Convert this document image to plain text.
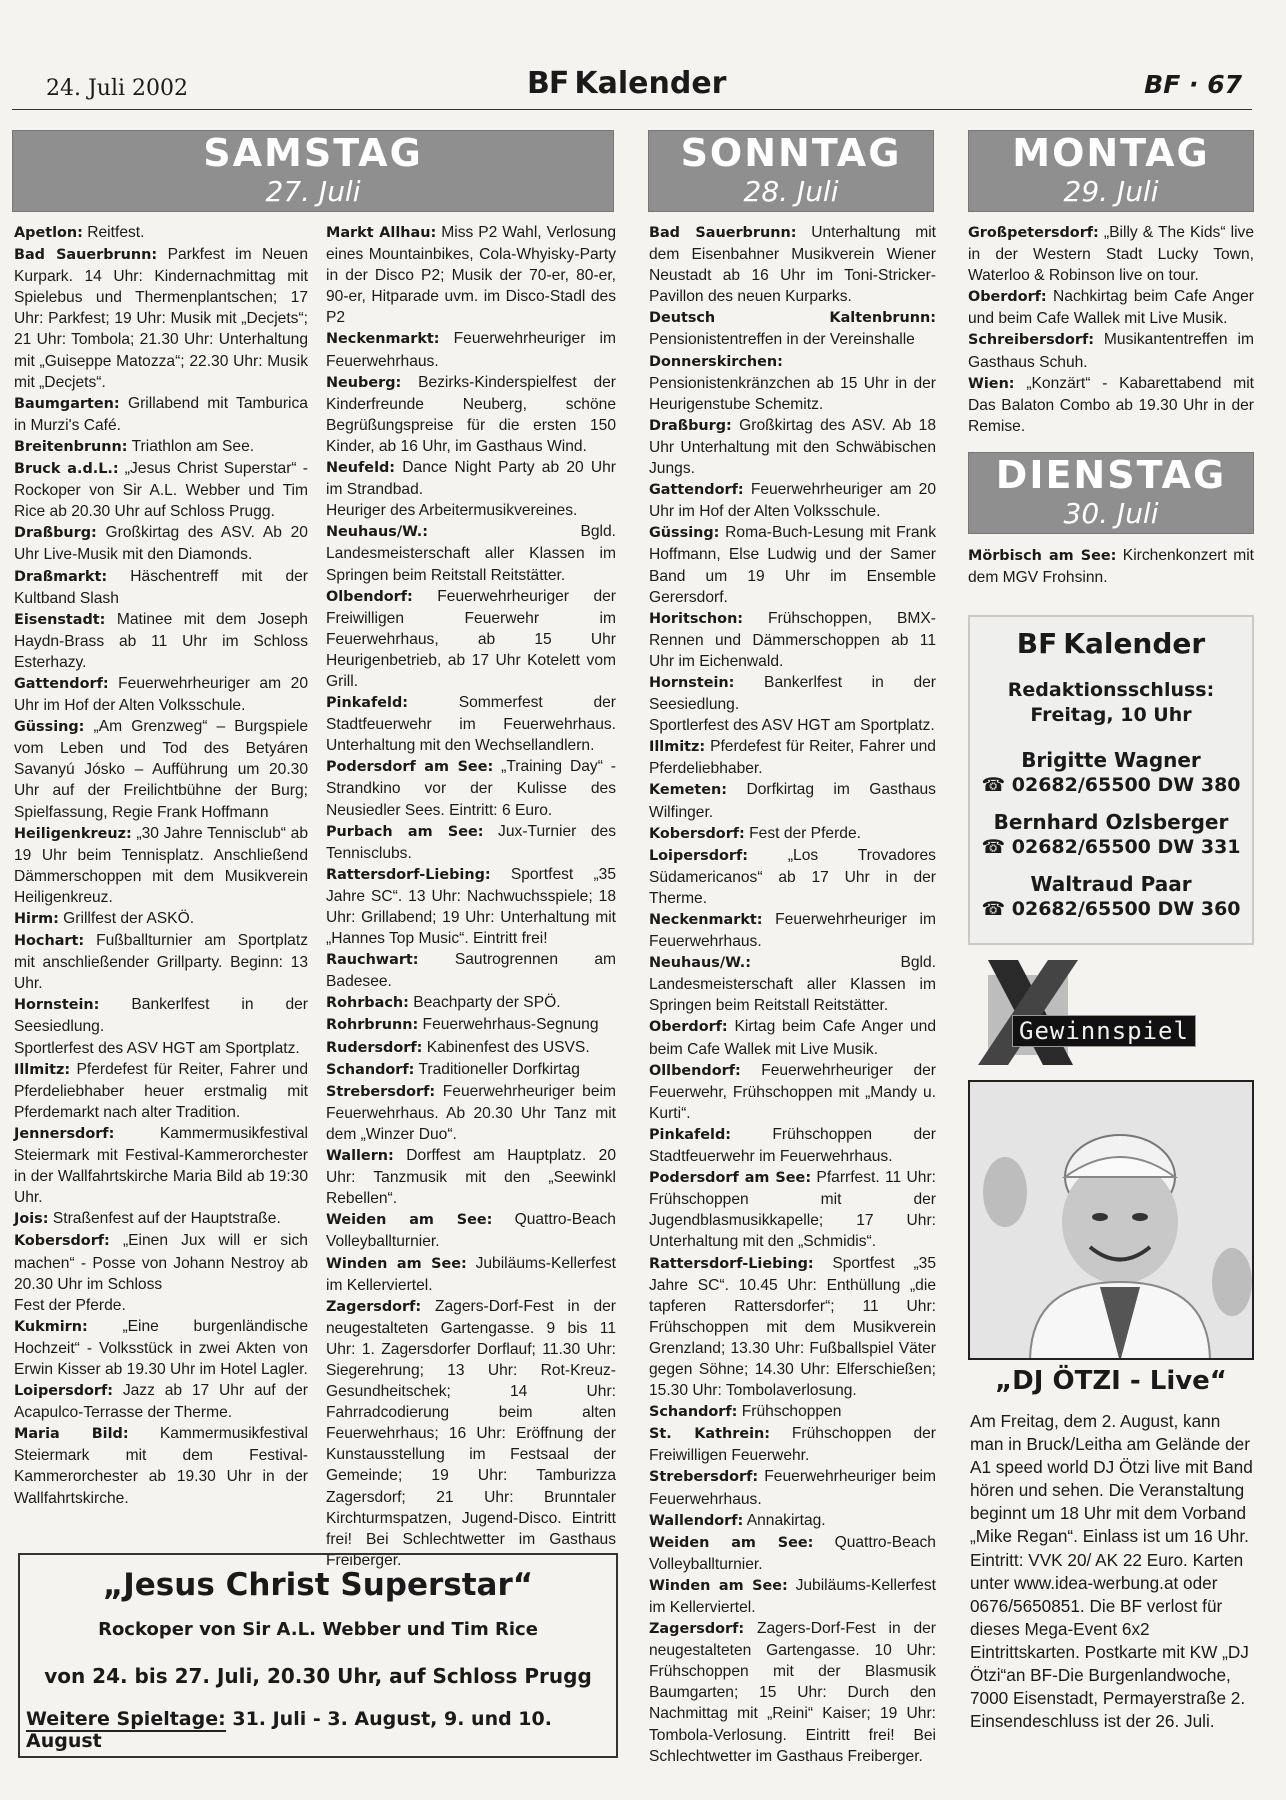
24. Juli 2002	BF Kalender	BF · 67
SAMSTAG
27. Juli
SONNTAG
28. Juli
MONTAG
29. Juli
DIENSTAG
30. Juli

Apetlon: Reitfest.

Bad Sauerbrunn: Parkfest im Neuen Kurpark. 14 Uhr: Kindernachmittag mit Spielebus und Thermenplantschen; 17 Uhr: Parkfest; 19 Uhr: Musik mit „Decjets“; 21 Uhr: Tombola; 21.30 Uhr: Unterhaltung mit „Guiseppe Matozza“; 22.30 Uhr: Musik mit „Decjets“.

Baumgarten: Grillabend mit Tamburica in Murzi's Café.

Breitenbrunn: Triathlon am See.

Bruck a.d.L.: „Jesus Christ Superstar“ - Rockoper von Sir A.L. Webber und Tim Rice ab 20.30 Uhr auf Schloss Prugg.

Draßburg: Großkirtag des ASV. Ab 20 Uhr Live-Musik mit den Diamonds.

Draßmarkt: Häschentreff mit der Kultband Slash

Eisenstadt: Matinee mit dem Joseph Haydn-Brass ab 11 Uhr im Schloss Esterhazy.

Gattendorf: Feuerwehrheuriger am 20 Uhr im Hof der Alten Volksschule.

Güssing: „Am Grenzweg“ – Burgspiele vom Leben und Tod des Betyáren Savanyú Jósko – Aufführung um 20.30 Uhr auf der Freilichtbühne der Burg; Spielfassung, Regie Frank Hoffmann

Heiligenkreuz: „30 Jahre Tennisclub“ ab 19 Uhr beim Tennisplatz. Anschließend Dämmerschoppen mit dem Musikverein Heiligenkreuz.

Hirm: Grillfest der ASKÖ.

Hochart: Fußballturnier am Sportplatz mit anschließender Grillparty. Beginn: 13 Uhr.

Hornstein: Bankerlfest in der Seesiedlung.

Sportlerfest des ASV HGT am Sportplatz.

Illmitz: Pferdefest für Reiter, Fahrer und Pferdeliebhaber heuer erstmalig mit Pferdemarkt nach alter Tradition.

Jennersdorf:	Kammermusikfestival Steiermark mit Festival-Kammerorchester in der Wallfahrtskirche Maria Bild ab 19:30 Uhr.

Jois: Straßenfest auf der Hauptstraße.

Kobersdorf: „Einen Jux will er sich machen“ - Posse von Johann Nestroy ab 20.30 Uhr im Schloss

Fest der Pferde.

Kukmirn: „Eine burgenländische Hochzeit“ - Volksstück in zwei Akten von Erwin Kisser ab 19.30 Uhr im Hotel Lagler.

Loipersdorf: Jazz ab 17 Uhr auf der Acapulco-Terrasse der Therme.

Maria Bild: Kammermusikfestival Steiermark mit dem Festival-Kammerorchester ab 19.30 Uhr in der Wallfahrtskirche.

Markt Allhau: Miss P2 Wahl, Verlosung eines Mountainbikes, Cola-Whyisky-Party in der Disco P2; Musik der 70-er, 80-er, 90-er, Hitparade uvm. im Disco-Stadl des P2

Neckenmarkt: Feuerwehrheuriger im Feuerwehrhaus.

Neuberg: Bezirks-Kinderspielfest der Kinderfreunde Neuberg, schöne Begrüßungspreise für die ersten 150 Kinder, ab 16 Uhr, im Gasthaus Wind.

Neufeld: Dance Night Party ab 20 Uhr im Strandbad.

Heuriger des Arbeitermusikvereines.

Neuhaus/W.:	Bgld. Landesmeisterschaft aller Klassen im Springen beim Reitstall Reitstätter.

Olbendorf: Feuerwehrheuriger der Freiwilligen Feuerwehr im Feuerwehrhaus, ab 15 Uhr Heurigenbetrieb, ab 17 Uhr Kotelett vom Grill.

Pinkafeld:	Sommerfest der Stadtfeuerwehr im Feuerwehrhaus. Unterhaltung mit den Wechsellandlern.

Podersdorf am See: „Training Day“ - Strandkino vor der Kulisse des Neusiedler Sees. Eintritt: 6 Euro.

Purbach am See: Jux-Turnier des Tennisclubs.

Rattersdorf-Liebing: Sportfest „35 Jahre SC“. 13 Uhr: Nachwuchsspiele; 18 Uhr: Grillabend; 19 Uhr: Unterhaltung mit „Hannes Top Music“. Eintritt frei!

Rauchwart: Sautrogrennen am Badesee.

Rohrbach: Beachparty der SPÖ.

Rohrbrunn: Feuerwehrhaus-Segnung

Rudersdorf: Kabinenfest des USVS.

Schandorf: Traditioneller Dorfkirtag

Strebersdorf: Feuerwehrheuriger beim Feuerwehrhaus. Ab 20.30 Uhr Tanz mit dem „Winzer Duo“.

Wallern: Dorffest am Hauptplatz. 20 Uhr: Tanzmusik mit den „Seewinkl Rebellen“.

Weiden am See: Quattro-Beach Volleyballturnier.

Winden am See: Jubiläums-Kellerfest im Kellerviertel.

Zagersdorf: Zagers-Dorf-Fest in der neugestalteten Gartengasse. 9 bis 11 Uhr: 1. Zagersdorfer Dorflauf; 11.30 Uhr: Siegerehrung; 13 Uhr: Rot-Kreuz-Gesundheitschek; 14 Uhr: Fahrradcodierung beim alten Feuerwehrhaus; 16 Uhr: Eröffnung der Kunstausstellung im Festsaal der Gemeinde; 19 Uhr: Tamburizza Zagersdorf; 21 Uhr: Brunntaler Kirchturmspatzen, Jugend-Disco. Eintritt frei! Bei Schlechtwetter im Gasthaus Freiberger.

Bad Sauerbrunn: Unterhaltung mit dem Eisenbahner Musikverein Wiener Neustadt ab 16 Uhr im Toni-Stricker-Pavillon des neuen Kurparks.

Deutsch Kaltenbrunn: Pensionistentreffen in der Vereinshalle

Donnerskirchen: Pensionistenkränzchen ab 15 Uhr in der Heurigenstube Schemitz.

Draßburg: Großkirtag des ASV. Ab 18 Uhr Unterhaltung mit den Schwäbischen Jungs.

Gattendorf: Feuerwehrheuriger am 20 Uhr im Hof der Alten Volksschule.

Güssing: Roma-Buch-Lesung mit Frank Hoffmann, Else Ludwig und der Samer Band um 19 Uhr im Ensemble Gerersdorf.

Horitschon: Frühschoppen, BMX-Rennen und Dämmerschoppen ab 11 Uhr im Eichenwald.

Hornstein: Bankerlfest in der Seesiedlung.

Sportlerfest des ASV HGT am Sportplatz.

Illmitz: Pferdefest für Reiter, Fahrer und Pferdeliebhaber.

Kemeten: Dorfkirtag im Gasthaus Wilfinger.

Kobersdorf: Fest der Pferde.

Loipersdorf:	„Los Trovadores Südamericanos“ ab 17 Uhr in der Therme.

Neckenmarkt: Feuerwehrheuriger im Feuerwehrhaus.

Neuhaus/W.:	Bgld. Landesmeisterschaft aller Klassen im Springen beim Reitstall Reitstätter.

Oberdorf: Kirtag beim Cafe Anger und beim Cafe Wallek mit Live Musik.

Ollbendorf: Feuerwehrheuriger der Feuerwehr, Frühschoppen mit „Mandy u. Kurti“.

Pinkafeld:	Frühschoppen der Stadtfeuerwehr im Feuerwehrhaus.

Podersdorf am See: Pfarrfest. 11 Uhr: Frühschoppen mit der Jugendblasmusikkapelle; 17 Uhr: Unterhaltung mit den „Schmidis“.

Rattersdorf-Liebing: Sportfest „35 Jahre SC“. 10.45 Uhr: Enthüllung „die tapferen Rattersdorfer“; 11 Uhr: Frühschoppen mit dem Musikverein Grenzland; 13.30 Uhr: Fußballspiel Väter gegen Söhne; 14.30 Uhr: Elferschießen; 15.30 Uhr: Tombolaverlosung.

Schandorf: Frühschoppen

St. Kathrein: Frühschoppen der Freiwilligen Feuerwehr.

Strebersdorf: Feuerwehrheuriger beim Feuerwehrhaus.

Wallendorf: Annakirtag.

Weiden am See: Quattro-Beach Volleyballturnier.

Winden am See: Jubiläums-Kellerfest im Kellerviertel.

Zagersdorf: Zagers-Dorf-Fest in der neugestalteten Gartengasse. 10 Uhr: Frühschoppen mit der Blasmusik Baumgarten; 15 Uhr: Durch den Nachmittag mit „Reini“ Kaiser; 19 Uhr: Tombola-Verlosung. Eintritt frei! Bei Schlechtwetter im Gasthaus Freiberger.

Großpetersdorf: „Billy & The Kids“ live in der Western Stadt Lucky Town, Waterloo & Robinson live on tour.

Oberdorf: Nachkirtag beim Cafe Anger und beim Cafe Wallek mit Live Musik.

Schreibersdorf: Musikantentreffen im Gasthaus Schuh.

Wien: „Konzärt“ - Kabarettabend mit Das Balaton Combo ab 19.30 Uhr in der Remise.

Mörbisch am See: Kirchenkonzert mit dem MGV Frohsinn.

„Jesus Christ Superstar“
Rockoper von Sir A.L. Webber und Tim Rice
von 24. bis 27. Juli, 20.30 Uhr, auf Schloss Prugg
Weitere Spieltage: 31. Juli - 3. August, 9. und 10. August
BF Kalender
Redaktionsschluss:
Freitag, 10 Uhr
Brigitte Wagner
☎ 02682/65500 DW 380
Bernhard Ozlsberger
☎ 02682/65500 DW 331
Waltraud Paar
☎ 02682/65500 DW 360
Gewinnspiel
„DJ ÖTZI - Live“
Am Freitag, dem 2. August, kann man in Bruck/Leitha am Gelände der A1 speed world DJ Ötzi live mit Band hören und sehen. Die Veranstaltung beginnt um 18 Uhr mit dem Vorband „Mike Regan“. Einlass ist um 16 Uhr. Eintritt: VVK 20/ AK 22 Euro. Karten unter www.idea-werbung.at oder 0676/5650851. Die BF verlost für dieses Mega-Event 6x2 Eintrittskarten. Postkarte mit KW „DJ Ötzi“an BF-Die Burgenlandwoche, 7000 Eisenstadt, Permayerstraße 2. Einsendeschluss ist der 26. Juli.
